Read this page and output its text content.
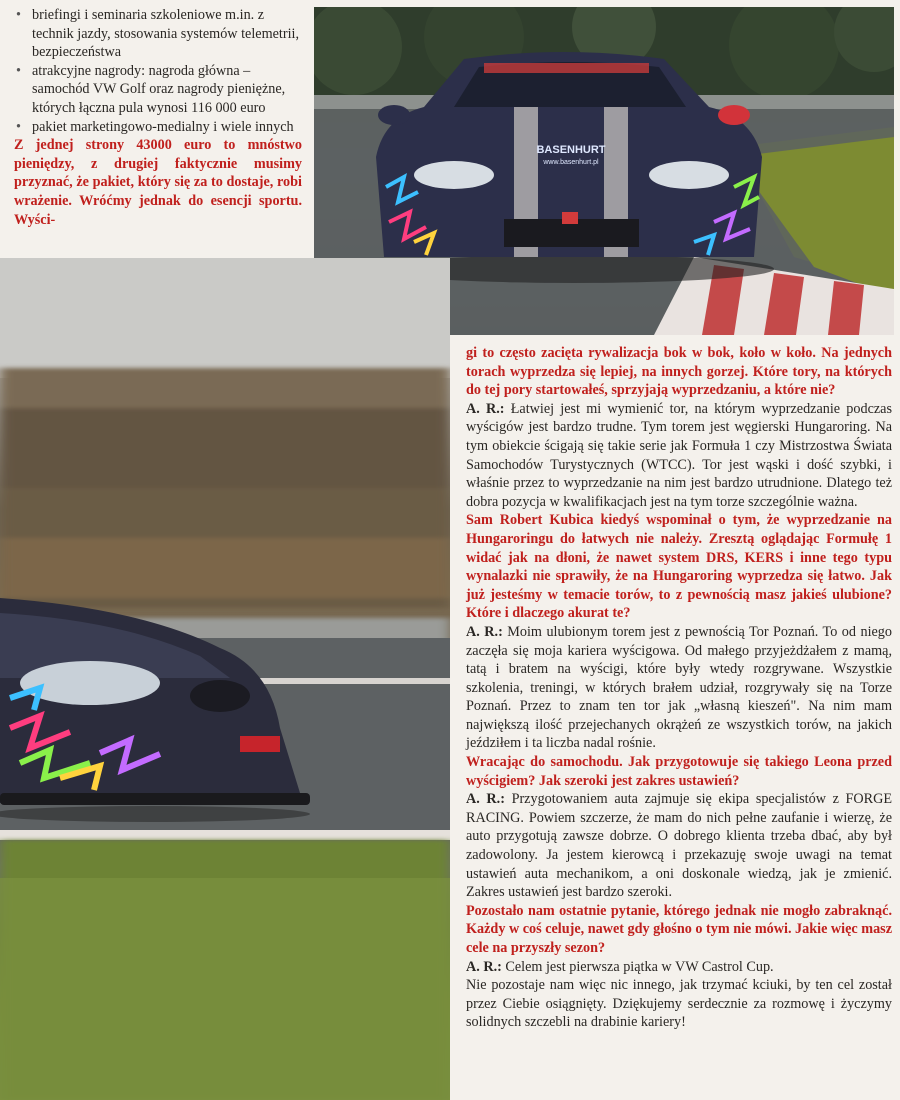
• briefingi i seminaria szkoleniowe m.in. z technik jazdy, stosowania systemów telemetrii, bezpieczeństwa
• atrakcyjne nagrody: nagroda główna – samochód VW Golf oraz nagrody pieniężne, których łączna pula wynosi 116 000 euro
• pakiet marketingowo-medialny i wiele innych

Z jednej strony 43000 euro to mnóstwo pieniędzy, z drugiej faktycznie musimy przyznać, że pakiet, który się za to dostaje, robi wrażenie. Wróćmy jednak do esencji sportu. Wyści-

BASENHURT
www.basenhurt.pl

gi to często zacięta rywalizacja bok w bok, koło w koło. Na jednych torach wyprzedza się lepiej, na innych gorzej. Które tory, na których do tej pory startowałeś, sprzyjają wyprzedzaniu, a które nie?

A. R.: Łatwiej jest mi wymienić tor, na którym wyprzedzanie podczas wyścigów jest bardzo trudne. Tym torem jest węgierski Hungaroring. Na tym obiekcie ścigają się takie serie jak Formuła 1 czy Mistrzostwa Świata Samochodów Turystycznych (WTCC). Tor jest wąski i dość szybki, i właśnie przez to wyprzedzanie na nim jest bardzo utrudnione. Dlatego też dobra pozycja w kwalifikacjach jest na tym torze szczególnie ważna.

Sam Robert Kubica kiedyś wspominał o tym, że wyprzedzanie na Hungaroringu do łatwych nie należy. Zresztą oglądając Formułę 1 widać jak na dłoni, że nawet system DRS, KERS i inne tego typu wynalazki nie sprawiły, że na Hungaroring wyprzedza się łatwo. Jak już jesteśmy w temacie torów, to z pewnością masz jakieś ulubione? Które i dlaczego akurat te?

A. R.: Moim ulubionym torem jest z pewnością Tor Poznań. To od niego zaczęła się moja kariera wyścigowa. Od małego przyjeżdżałem z mamą, tatą i bratem na wyścigi, które były wtedy rozgrywane. Wszystkie szkolenia, treningi, w których brałem udział, rozgrywały się na Torze Poznań. Przez to znam ten tor jak „własną kieszeń". Na nim mam największą ilość przejechanych okrążeń ze wszystkich torów, na jakich jeździłem i ta liczba nadal rośnie.

Wracając do samochodu. Jak przygotowuje się takiego Leona przed wyścigiem? Jak szeroki jest zakres ustawień?

A. R.: Przygotowaniem auta zajmuje się ekipa specjalistów z FORGE RACING. Powiem szczerze, że mam do nich pełne zaufanie i wierzę, że auto przygotują zawsze dobrze. O dobrego klienta trzeba dbać, aby był zadowolony. Ja jestem kierowcą i przekazuję swoje uwagi na temat ustawień auta mechanikom, a oni doskonale wiedzą, jak je zmienić. Zakres ustawień jest bardzo szeroki.

Pozostało nam ostatnie pytanie, którego jednak nie mogło zabraknąć. Każdy w coś celuje, nawet gdy głośno o tym nie mówi. Jakie więc masz cele na przyszły sezon?

A. R.: Celem jest pierwsza piątka w VW Castrol Cup.

Nie pozostaje nam więc nic innego, jak trzymać kciuki, by ten cel został przez Ciebie osiągnięty. Dziękujemy serdecznie za rozmowę i życzymy solidnych szczebli na drabinie kariery!
